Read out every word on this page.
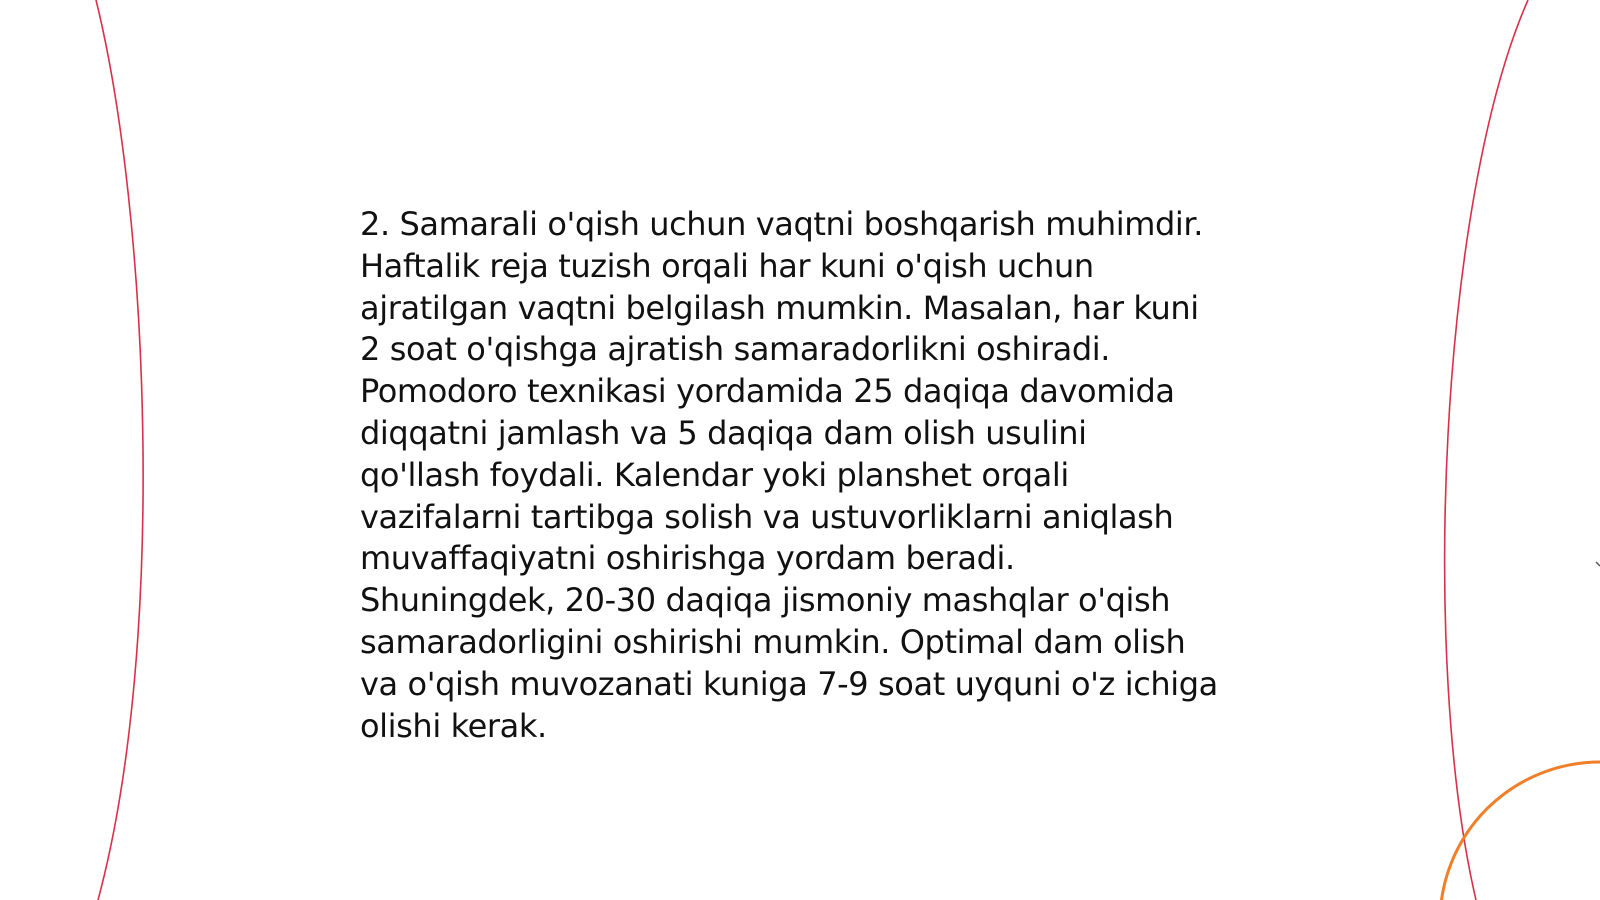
2. Samarali o'qish uchun vaqtni boshqarish muhimdir.
Haftalik reja tuzish orqali har kuni o'qish uchun
ajratilgan vaqtni belgilash mumkin. Masalan, har kuni
2 soat o'qishga ajratish samaradorlikni oshiradi.
Pomodoro texnikasi yordamida 25 daqiqa davomida
diqqatni jamlash va 5 daqiqa dam olish usulini
qo'llash foydali. Kalendar yoki planshet orqali
vazifalarni tartibga solish va ustuvorliklarni aniqlash
muvaffaqiyatni oshirishga yordam beradi.
Shuningdek, 20-30 daqiqa jismoniy mashqlar o'qish
samaradorligini oshirishi mumkin. Optimal dam olish
va o'qish muvozanati kuniga 7-9 soat uyquni o'z ichiga
olishi kerak.
